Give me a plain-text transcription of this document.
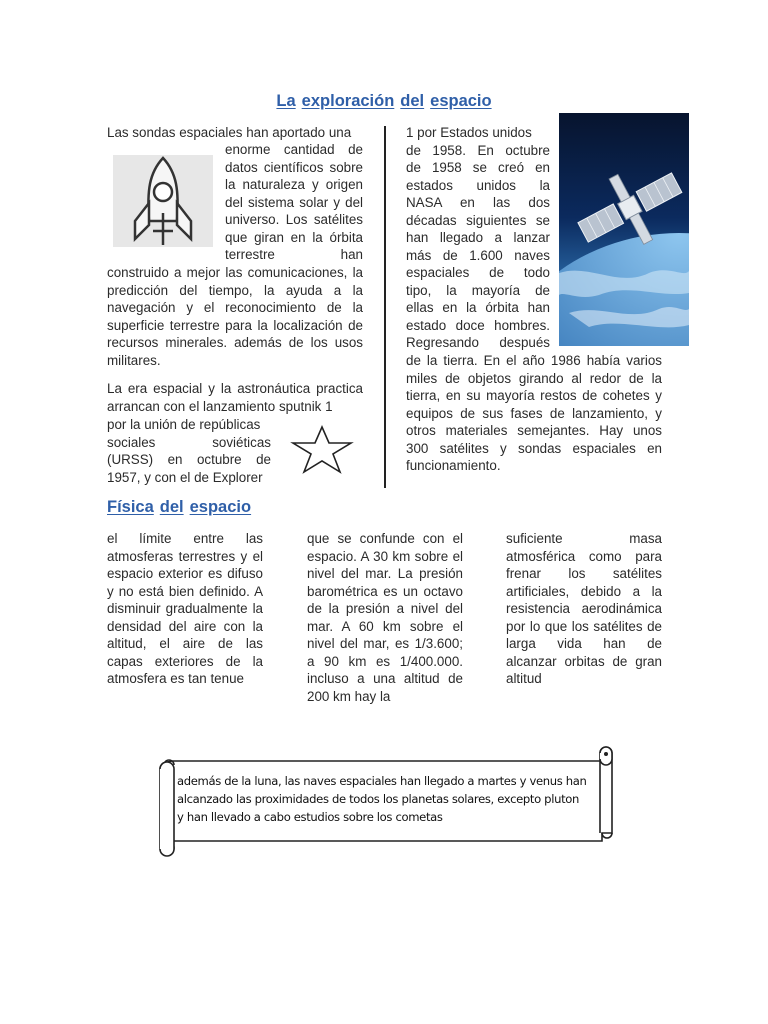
La exploración del espacio
Las sondas espaciales han aportado una
enorme cantidad de
datos científicos sobre
la naturaleza y origen
del sistema solar y del
universo. Los satélites
que giran en la órbita
terrestre han
construido a mejor las comunicaciones, la predicción del tiempo, la ayuda a la navegación y el reconocimiento de la superficie terrestre para la localización de recursos minerales. además de los usos militares.
La era espacial y la astronáutica practica arrancan con el lanzamiento sputnik 1
por la unión de repúblicas
sociales soviéticas
(URSS) en octubre de
1957, y con el de Explorer
1 por Estados unidos
de 1958. En octubre
de 1958 se creó en
estados unidos la
NASA en las dos
décadas siguientes se
han llegado a lanzar
más de 1.600 naves
espaciales de todo
tipo, la mayoría de
ellas en la órbita han
estado doce hombres.
Regresando después
de la tierra. En el año 1986 había varios miles de objetos girando al redor de la tierra, en su mayoría restos de cohetes y equipos de sus fases de lanzamiento, y otros materiales semejantes. Hay unos 300 satélites y sondas espaciales en funcionamiento.
Física del espacio
el límite entre las atmosferas terrestres y el espacio exterior es difuso y no está bien definido. A disminuir gradualmente la densidad del aire con la altitud, el aire de las capas exteriores de la atmosfera es tan tenue
que se confunde con el espacio. A 30 km sobre el nivel del mar. La presión barométrica es un octavo de la presión a nivel del mar. A 60 km sobre el nivel del mar, es 1/3.600; a 90 km es 1/400.000. incluso a una altitud de 200 km hay la
suficiente masa atmosférica como para frenar los satélites artificiales, debido a la resistencia aerodinámica por lo que los satélites de larga vida han de alcanzar orbitas de gran altitud
además de la luna, las naves espaciales han llegado a martes y venus han
alcanzado las proximidades de todos los planetas solares, excepto pluton
y han llevado a cabo estudios sobre los cometas
